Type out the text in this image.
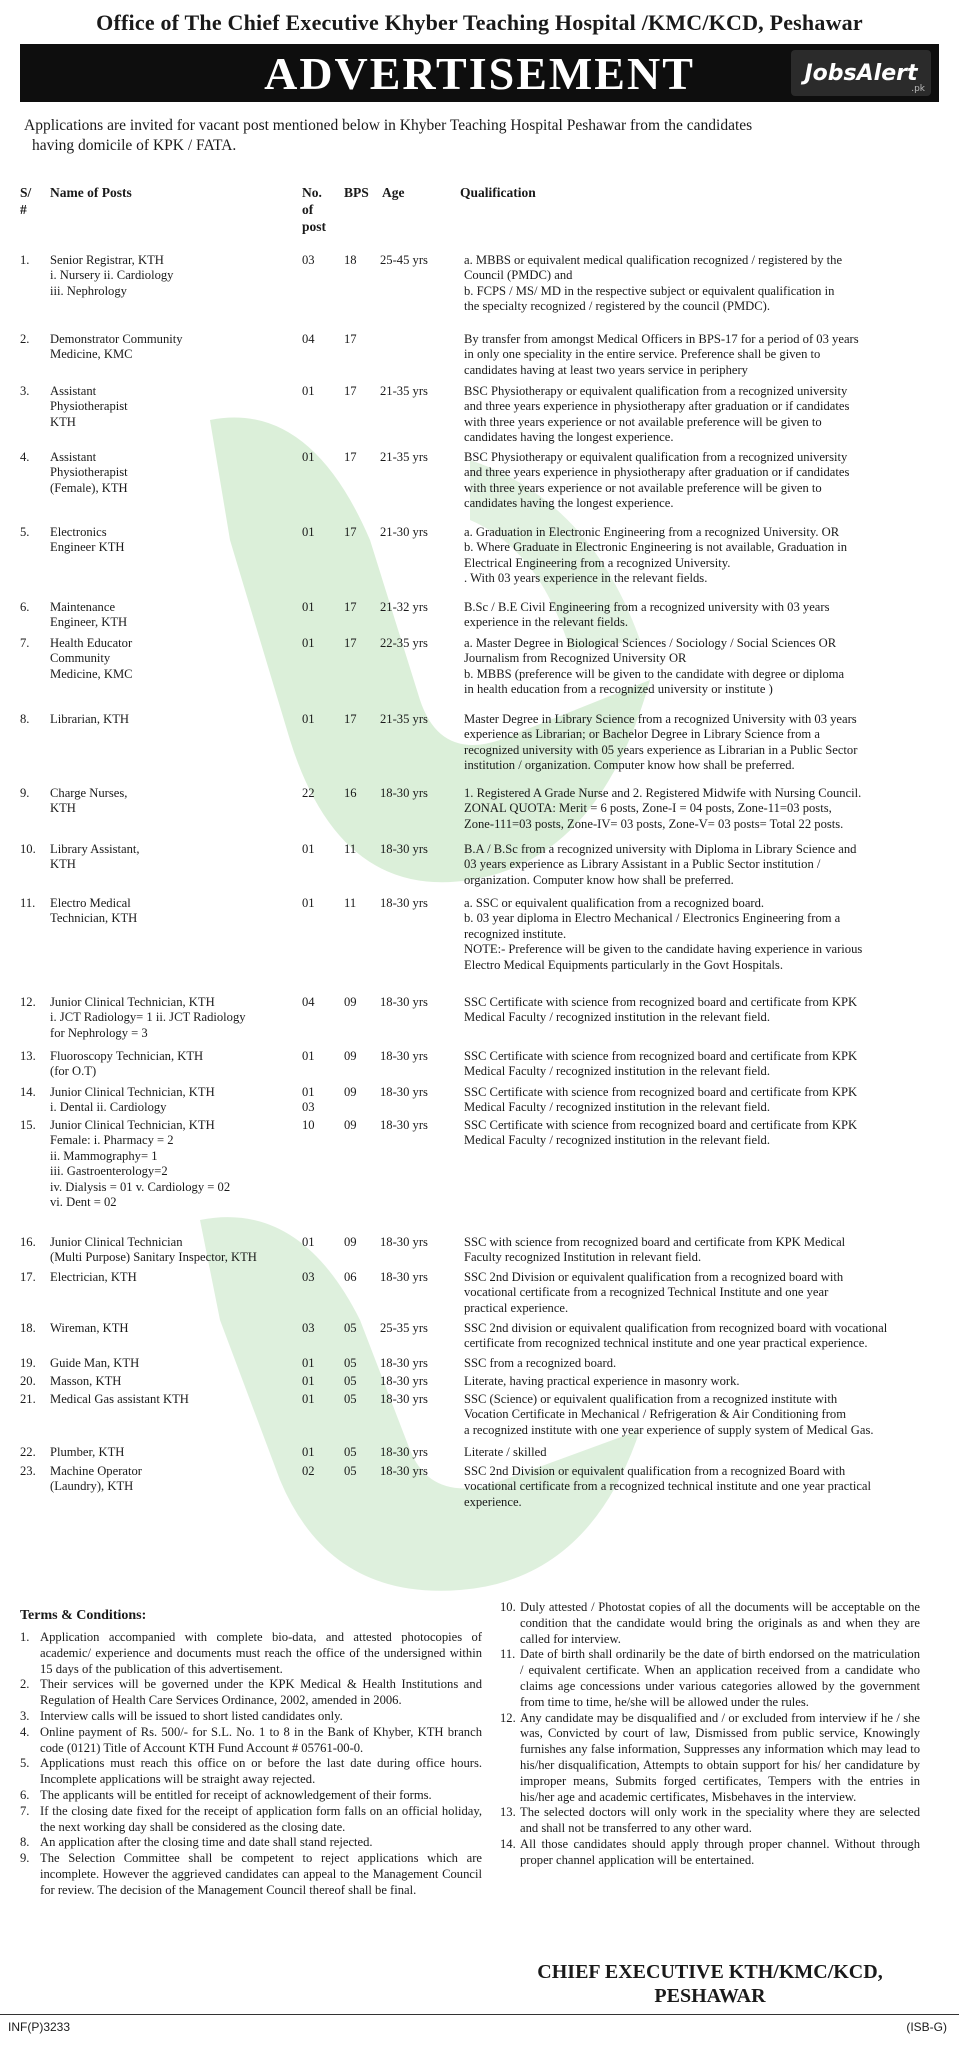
Office of The Chief Executive Khyber Teaching Hospital /KMC/KCD, Peshawar
ADVERTISEMENT	JobsAlert
.pk
Applications are invited for vacant post mentioned below in Khyber Teaching Hospital Peshawar from the candidates
having domicile of KPK / FATA.
S/
#
Name of Posts	No.
of
post
BPS Age	Qualification
1.	Senior Registrar, KTH
i. Nursery ii. Cardiology
iii. Nephrology
03	18	25-45 yrs	a. MBBS or equivalent medical qualification recognized / registered by the
Council (PMDC) and
b. FCPS / MS/ MD in the respective subject or equivalent qualification in
the specialty recognized / registered by the council (PMDC).
2.	Demonstrator Community
Medicine, KMC
04	17	By transfer from amongst Medical Officers in BPS-17 for a period of 03 years
in only one speciality in the entire service. Preference shall be given to
candidates having at least two years service in periphery
3.	Assistant
Physiotherapist
KTH
01	17	21-35 yrs	BSC Physiotherapy or equivalent qualification from a recognized university
and three years experience in physiotherapy after graduation or if candidates
with three years experience or not available preference will be given to
candidates having the longest experience.
4.	Assistant
Physiotherapist
(Female), KTH
01	17	21-35 yrs	BSC Physiotherapy or equivalent qualification from a recognized university
and three years experience in physiotherapy after graduation or if candidates
with three years experience or not available preference will be given to
candidates having the longest experience.
5.	Electronics
Engineer KTH
01	17	21-30 yrs	a. Graduation in Electronic Engineering from a recognized University. OR
b. Where Graduate in Electronic Engineering is not available, Graduation in
Electrical Engineering from a recognized University.
. With 03 years experience in the relevant fields.
6.	Maintenance
Engineer, KTH
01	17	21-32 yrs	B.Sc / B.E Civil Engineering from a recognized university with 03 years
experience in the relevant fields.
7.	Health Educator
Community
Medicine, KMC
01	17	22-35 yrs	a. Master Degree in Biological Sciences / Sociology / Social Sciences OR
Journalism from Recognized University OR
b. MBBS (preference will be given to the candidate with degree or diploma
in health education from a recognized university or institute )
8.	Librarian, KTH	01	17	21-35 yrs	Master Degree in Library Science from a recognized University with 03 years
experience as Librarian; or Bachelor Degree in Library Science from a
recognized university with 05 years experience as Librarian in a Public Sector
institution / organization. Computer know how shall be preferred.
9.	Charge Nurses,
KTH
22	16	18-30 yrs	1. Registered A Grade Nurse and 2. Registered Midwife with Nursing Council.
ZONAL QUOTA: Merit = 6 posts, Zone-I = 04 posts, Zone-11=03 posts,
Zone-111=03 posts, Zone-IV= 03 posts, Zone-V= 03 posts= Total 22 posts.
10.	Library Assistant,
KTH
01	11	18-30 yrs	B.A / B.Sc from a recognized university with Diploma in Library Science and
03 years experience as Library Assistant in a Public Sector institution /
organization. Computer know how shall be preferred.
11.	Electro Medical
Technician, KTH
01	11	18-30 yrs	a. SSC or equivalent qualification from a recognized board.
b. 03 year diploma in Electro Mechanical / Electronics Engineering from a
recognized institute.
NOTE:- Preference will be given to the candidate having experience in various
Electro Medical Equipments particularly in the Govt Hospitals.
12.	Junior Clinical Technician, KTH
i. JCT Radiology= 1 ii. JCT Radiology
for Nephrology = 3
04	09	18-30 yrs	SSC Certificate with science from recognized board and certificate from KPK
Medical Faculty / recognized institution in the relevant field.
13.	Fluoroscopy Technician, KTH
(for O.T)
01	09	18-30 yrs	SSC Certificate with science from recognized board and certificate from KPK
Medical Faculty / recognized institution in the relevant field.
14.	Junior Clinical Technician, KTH
i. Dental ii. Cardiology
01
03
09	18-30 yrs	SSC Certificate with science from recognized board and certificate from KPK
Medical Faculty / recognized institution in the relevant field.
15.	Junior Clinical Technician, KTH
Female: i. Pharmacy = 2
ii. Mammography= 1
iii. Gastroenterology=2
iv. Dialysis = 01 v. Cardiology = 02
vi. Dent = 02
10	09	18-30 yrs	SSC Certificate with science from recognized board and certificate from KPK
Medical Faculty / recognized institution in the relevant field.
16.	Junior Clinical Technician
(Multi Purpose) Sanitary Inspector, KTH
01	09	18-30 yrs	SSC with science from recognized board and certificate from KPK Medical
Faculty recognized Institution in relevant field.
17.	Electrician, KTH	03	06	18-30 yrs	SSC 2nd Division or equivalent qualification from a recognized board with
vocational certificate from a recognized Technical Institute and one year
practical experience.
18.	Wireman, KTH	03	05	25-35 yrs	SSC 2nd division or equivalent qualification from recognized board with vocational
certificate from recognized technical institute and one year practical experience.
19.	Guide Man, KTH	01	05	18-30 yrs	SSC from a recognized board.
20.	Masson, KTH	01	05	18-30 yrs	Literate, having practical experience in masonry work.
21.	Medical Gas assistant KTH	01	05	18-30 yrs	SSC (Science) or equivalent qualification from a recognized institute with
Vocation Certificate in Mechanical / Refrigeration & Air Conditioning from
a recognized institute with one year experience of supply system of Medical Gas.
22.	Plumber, KTH	01	05	18-30 yrs	Literate / skilled
23.	Machine Operator
(Laundry), KTH
02	05	18-30 yrs	SSC 2nd Division or equivalent qualification from a recognized Board with
vocational certificate from a recognized technical institute and one year practical
experience.
Terms & Conditions:
1. Application accompanied with complete bio-data, and attested photocopies of academic/ experience and documents must reach the office of the undersigned within 15 days of the publication of this advertisement.
2. Their services will be governed under the KPK Medical & Health Institutions and Regulation of Health Care Services Ordinance, 2002, amended in 2006.
3. Interview calls will be issued to short listed candidates only.
4. Online payment of Rs. 500/- for S.L. No. 1 to 8 in the Bank of Khyber, KTH branch code (0121) Title of Account KTH Fund Account # 05761-00-0.
5. Applications must reach this office on or before the last date during office hours. Incomplete applications will be straight away rejected.
6. The applicants will be entitled for receipt of acknowledgement of their forms.
7. If the closing date fixed for the receipt of application form falls on an official holiday, the next working day shall be considered as the closing date.
8. An application after the closing time and date shall stand rejected.
9. The Selection Committee shall be competent to reject applications which are incomplete. However the aggrieved candidates can appeal to the Management Council for review. The decision of the Management Council thereof shall be final.
10. Duly attested / Photostat copies of all the documents will be acceptable on the condition that the candidate would bring the originals as and when they are called for interview.
11. Date of birth shall ordinarily be the date of birth endorsed on the matriculation / equivalent certificate. When an application received from a candidate who claims age concessions under various categories allowed by the government from time to time, he/she will be allowed under the rules.
12. Any candidate may be disqualified and / or excluded from interview if he / she was, Convicted by court of law, Dismissed from public service, Knowingly furnishes any false information, Suppresses any information which may lead to his/her disqualification, Attempts to obtain support for his/ her candidature by improper means, Submits forged certificates, Tempers with the entries in his/her age and academic certificates, Misbehaves in the interview.
13. The selected doctors will only work in the speciality where they are selected and shall not be transferred to any other ward.
14. All those candidates should apply through proper channel. Without through proper channel application will be entertained.
CHIEF EXECUTIVE KTH/KMC/KCD,
PESHAWAR
INF(P)3233	(ISB-G)
